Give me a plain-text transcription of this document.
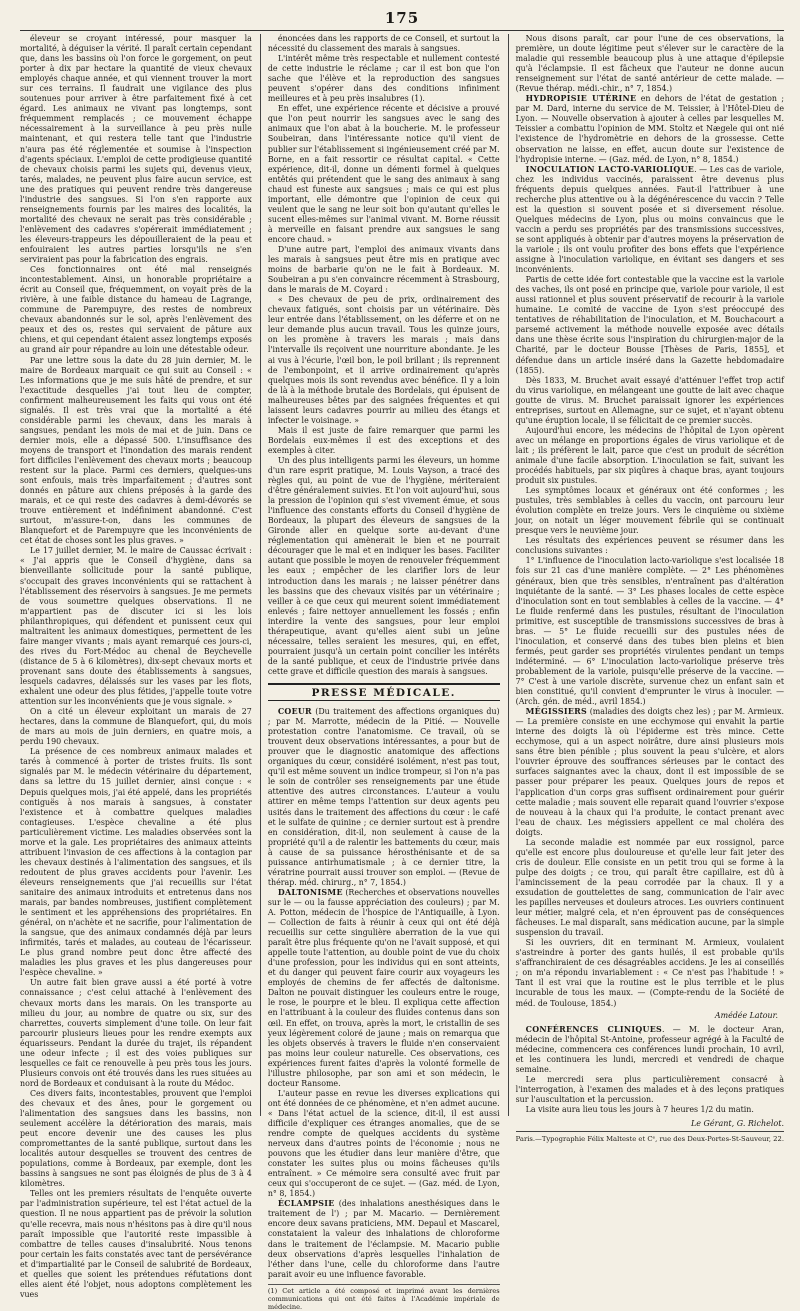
175

éleveur se croyant intéressé, pour masquer la mortalité, à déguiser la vérité. Il paraît certain cependant que, dans les bassins où l'on force le gorgement, on peut porter à dix par hectare la quantité de vieux chevaux employés chaque année, et qui viennent trouver la mort sur ces terrains. Il faudrait une vigilance des plus soutenues pour arriver à être parfaitement fixé à cet égard. Les animaux ne vivant pas longtemps, sont fréquemment remplacés ; ce mouvement échappe nécessairement à la surveillance à peu près nulle maintenant, et qui restera telle tant que l'industrie n'aura pas été réglementée et soumise à l'inspection d'agents spéciaux. L'emploi de cette prodigieuse quantité de chevaux choisis parmi les sujets qui, devenus vieux, tarés, malades, ne peuvent plus faire aucun service, est une des pratiques qui peuvent rendre très dangereuse l'industrie des sangsues. Si l'on s'en rapporte aux renseignements fournis par les maires des localités, la mortalité des chevaux ne serait pas très considérable ; l'enlèvement des cadavres s'opérerait immédiatement ; les éleveurs-trappeurs les dépouilleraient de la peau et enfouiraient les autres parties lorsqu'ils ne s'en serviraient pas pour la fabrication des engrais.

Ces fonctionnaires ont été mal renseignés incontestablement. Ainsi, un honorable propriétaire a écrit au Conseil que, fréquemment, on voyait près de la rivière, à une faible distance du hameau de Lagrange, commune de Parempuyre, des restes de nombreux chevaux abandonnés sur le sol, après l'enlèvement des peaux et des os, restes qui servaient de pâture aux chiens, et qui cependant étaient assez longtemps exposés au grand air pour répandre au loin une détestable odeur.

Par une lettre sous la date du 28 juin dernier, M. le maire de Bordeaux marquait ce qui suit au Conseil : « Les informations que je me suis hâté de prendre, et sur l'exactitude desquelles j'ai tout lieu de compter, confirment malheureusement les faits qui vous ont été signalés. Il est très vrai que la mortalité a été considérable parmi les chevaux, dans les marais à sangsues, pendant les mois de mai et de juin. Dans ce dernier mois, elle a dépassé 500. L'insuffisance des moyens de transport et l'inondation des marais rendent fort difficiles l'enlèvement des chevaux morts ; beaucoup restent sur la place. Parmi ces derniers, quelques-uns sont enfouis, mais très imparfaitement ; d'autres sont donnés en pâture aux chiens préposés à la garde des marais, et ce qui reste des cadavres à demi-dévorés se trouve entièrement et indéfiniment abandonné. C'est surtout, m'assure-t-on, dans les communes de Blanquefort et de Parempuyre que les inconvénients de cet état de choses sont les plus graves. »

Le 17 juillet dernier, M. le maire de Caussac écrivait : « J'ai appris que le Conseil d'hygiène, dans sa bienveillante sollicitude pour la santé publique, s'occupait des graves inconvénients qui se rattachent à l'établissement des réservoirs à sangsues. Je me permets de vous soumettre quelques observations. Il ne m'appartient pas de discuter ici si les lois philanthropiques, qui défendent et punissent ceux qui maltraitent les animaux domestiques, permettent de les faire manger vivants ; mais ayant remarqué ces jours-ci, des rives du Fort-Médoc au chenal de Beychevelle (distance de 5 à 6 kilomètres), dix-sept chevaux morts et provenant sans doute des établissements à sangsues, lesquels cadavres, délaissés sur les vases par les flots, exhalent une odeur des plus fétides, j'appelle toute votre attention sur les inconvénients que je vous signale. »

On a cité un éleveur exploitant un marais de 27 hectares, dans la commune de Blanquefort, qui, du mois de mars au mois de juin derniers, en quatre mois, a perdu 190 chevaux.

La présence de ces nombreux animaux malades et tarés à commencé à porter de tristes fruits. Ils sont signalés par M. le médecin vétérinaire du département, dans sa lettre du 15 juillet dernier, ainsi conçue : « Depuis quelques mois, j'ai été appelé, dans les propriétés contiguës à nos marais à sangsues, à constater l'existence et à combattre quelques maladies contagieuses. L'espèce chevaline a été plus particulièrement victime. Les maladies observées sont la morve et la gale. Les propriétaires des animaux atteints attribuent l'invasion de ces affections à la contagion par les chevaux destinés à l'alimentation des sangsues, et ils redoutent de plus graves accidents pour l'avenir. Les éleveurs renseignements que j'ai recueillis sur l'état sanitaire des animaux introduits et entretenus dans nos marais, par bandes nombreuses, justifient complètement le sentiment et les appréhensions des propriétaires. En général, on n'achète et ne sacrifie, pour l'alimentation de la sangsue, que des animaux condamnés déjà par leurs infirmités, tarés et malades, au couteau de l'écarisseur. Le plus grand nombre peut donc être affecté des maladies les plus graves et les plus dangereuses pour l'espèce chevaline. »

Un autre fait bien grave aussi a été porté à votre connaissance ; c'est celui attaché à l'enlèvement des chevaux morts dans les marais. On les transporte au milieu du jour, au nombre de quatre ou six, sur des charrettes, couverts simplement d'une toile. On leur fait parcourir plusieurs lieues pour les rendre exempts aux équarisseurs. Pendant la durée du trajet, ils répandent une odeur infecte ; il est des voies publiques sur lesquelles ce fait ce renouvelle à peu près tous les jours. Plusieurs convois ont été trouvés dans les rues situées au nord de Bordeaux et conduisant à la route du Médoc.

Ces divers faits, incontestables, prouvent que l'emploi des chevaux et des ânes, pour le gorgement ou l'alimentation des sangsues dans les bassins, non seulement accélère la détérioration des marais, mais peut encore devenir une des causes les plus compromettantes de la santé publique, surtout dans les localités autour desquelles se trouvent des centres de populations, comme à Bordeaux, par exemple, dont les bassins à sangsues ne sont pas éloignés de plus de 3 à 4 kilomètres.

Telles ont les premiers résultats de l'enquête ouverte par l'administration supérieure, tel est l'état actuel de la question. Il ne nous appartient pas de prévoir la solution qu'elle recevra, mais nous n'hésitons pas à dire qu'il nous paraît impossible que l'autorité reste impassible à combattre de telles causes d'insalubrité. Nous tenons pour certain les faits constatés avec tant de persévérance et d'impartialité par le Conseil de salubrité de Bordeaux, et quelles que soient les prétendues réfutations dont elles aient été l'objet, nous adoptons complètement les vues

énoncées dans les rapports de ce Conseil, et surtout la nécessité du classement des marais à sangsues.

L'intérêt même très respectable et nullement contesté de cette industrie le réclame ; car il est bon que l'on sache que l'élève et la reproduction des sangsues peuvent s'opérer dans des conditions infiniment meilleures et à peu près insalubres (1).

En effet, une expérience récente et décisive a prouvé que l'on peut nourrir les sangsues avec le sang des animaux que l'on abat à la boucherie. M. le professeur Soubeiran, dans l'intéressante notice qu'il vient de publier sur l'établissement si ingénieusement créé par M. Borne, en a fait ressortir ce résultat capital. « Cette expérience, dit-il, donne un démenti formel à quelques entêtés qui prétendent que le sang des animaux à sang chaud est funeste aux sangsues ; mais ce qui est plus important, elle démontre que l'opinion de ceux qui veulent que le sang ne leur soit bon qu'autant qu'elles le sucent elles-mêmes sur l'animal vivant. M. Borne réussit à merveille en faisant prendre aux sangsues le sang encore chaud. »

D'une autre part, l'emploi des animaux vivants dans les marais à sangsues peut être mis en pratique avec moins de barbarie qu'on ne le fait à Bordeaux. M. Soubeiran a pu s'en convaincre récemment à Strasbourg, dans le marais de M. Coyard :

« Des chevaux de peu de prix, ordinairement des chevaux fatigués, sont choisis par un vétérinaire. Dès leur entrée dans l'établissement, on les déferre et on ne leur demande plus aucun travail. Tous les quinze jours, on les promène à travers les marais ; mais dans l'intervalle ils reçoivent une nourriture abondante. Je les ai vus à l'écurie, l'œil bon, le poil brillant ; ils reprennent de l'embonpoint, et il arrive ordinairement qu'après quelques mois ils sont revendus avec bénéfice. Il y a loin de là à la méthode brutale des Bordelais, qui épuisent de malheureuses bêtes par des saignées fréquentes et qui laissent leurs cadavres pourrir au milieu des étangs et infecter le voisinage. »

Mais il est juste de faire remarquer que parmi les Bordelais eux-mêmes il est des exceptions et des exemples à citer.

Un des plus intelligents parmi les éleveurs, un homme d'un rare esprit pratique, M. Louis Vayson, a tracé des règles qui, au point de vue de l'hygiène, mériteraient d'être généralement suivies. Et l'on voit aujourd'hui, sous la pression de l'opinion qui s'est vivement émue, et sous l'influence des constants efforts du Conseil d'hygiène de Bordeaux, la plupart des éleveurs de sangsues de la Gironde aller en quelque sorte au-devant d'une réglementation qui amènerait le bien et ne pourrait décourager que le mal et en indiquer les bases. Faciliter autant que possible le moyen de renouveler fréquemment les eaux ; empêcher de les clarifier lors de leur introduction dans les marais ; ne laisser pénétrer dans les bassins que des chevaux visités par un vétérinaire ; veiller à ce que ceux qui meurent soient immédiatement enlevés ; faire nettoyer annuellement les fossés ; enfin interdire la vente des sangsues, pour leur emploi thérapeutique, avant qu'elles aient subi un jeûne nécessaire, telles seraient les mesures, qui, en effet, pourraient jusqu'à un certain point concilier les intérêts de la santé publique, et ceux de l'industrie privée dans cette grave et difficile question des marais à sangsues.

PRESSE MÉDICALE.

COEUR (Du traitement des affections organiques du) ; par M. Marrotte, médecin de la Pitié. — Nouvelle protestation contre l'anatomisme. Ce travail, où se trouvent deux observations intéressantes, a pour but de prouver que le diagnostic anatomique des affections organiques du cœur, considéré isolément, n'est pas tout, qu'il est même souvent un indice trompeur, si l'on n'a pas le soin de contrôler ses renseignements par une étude attentive des autres circonstances. L'auteur a voulu attirer en même temps l'attention sur deux agents peu usités dans le traitement des affections du cœur : le café et le sulfate de quinine ; ce dernier surtout est à prendre en considération, dit-il, non seulement à cause de la propriété qu'il a de ralentir les battements du cœur, mais à cause de sa puissance hérosthénisante et de sa puissance antirhumatismale ; à ce dernier titre, la vératrine pourrait aussi trouver son emploi. — (Revue de thérap. méd. chirurg., n° 7, 1854.)

DALTONISME (Recherches et observations nouvelles sur le — ou la fausse appréciation des couleurs) ; par M. A. Potton, médecin de l'hospice de l'Antiquaille, à Lyon. — Collection de faits à réunir à ceux qui ont été déjà recueillis sur cette singulière aberration de la vue qui paraît être plus fréquente qu'on ne l'avait supposé, et qui appelle toute l'attention, au double point de vue du choix d'une profession, pour les individus qui en sont atteints, et du danger qui peuvent faire courir aux voyageurs les employés de chemins de fer affectés de daltonisme. Dalton ne pouvait distinguer les couleurs entre le rouge, le rose, le pourpre et le bleu. Il expliqua cette affection en l'attribuant à la couleur des fluides contenus dans son œil. En effet, on trouva, après la mort, le cristallin de ses yeux légèrement coloré de jaune ; mais on remarqua que les objets observés à travers le fluide n'en conservaient pas moins leur couleur naturelle. Ces observations, ces expériences furent faites d'après la volonté formelle de l'illustre philosophe, par son ami et son médecin, le docteur Ransome.

L'auteur passe en revue les diverses explications qui ont été données de ce phénomène, et n'en admet aucune. « Dans l'état actuel de la science, dit-il, il est aussi difficile d'expliquer ces étranges anomalies, que de se rendre compte de quelques accidents du système nerveux dans d'autres points de l'économie ; nous ne pouvons que les étudier dans leur manière d'être, que constater les suites plus ou moins fâcheuses qu'ils entraînent. » Ce mémoire sera consulté avec fruit par ceux qui s'occuperont de ce sujet. — (Gaz. méd. de Lyon, n° 8, 1854.)

ÉCLAMPSIE (des inhalations anesthésiques dans le traitement de l') ; par M. Macario. — Dernièrement encore deux savans praticiens, MM. Depaul et Mascarel, constataient la valeur des inhalations de chloroforme dans le traitement de l'éclampsie. M. Macario publie deux observations d'après lesquelles l'inhalation de l'éther dans l'une, celle du chloroforme dans l'autre parait avoir eu une influence favorable.

(1) Cet article a été composé et imprimé avant les dernières communications qui ont été faites à l'Académie impériale de médecine.

Nous disons paraît, car pour l'une de ces observations, la première, un doute légitime peut s'élever sur le caractère de la maladie qui ressemble beaucoup plus à une attaque d'épilepsie qu'à l'éclampsie. Il est fâcheux que l'auteur ne donne aucun renseignement sur l'état de santé antérieur de cette malade. — (Revue thérap. médi.-chir., n° 7, 1854.)

HYDROPISIE UTÉRINE en dehors de l'état de gestation ; par M. Dard, interne du service de M. Teissier, à l'Hôtel-Dieu de Lyon. — Nouvelle observation à ajouter à celles par lesquelles M. Teissier a combattu l'opinion de MM. Stoltz et Nægele qui ont nié l'existence de l'hydromètrie en dehors de la grossesse. Cette observation ne laisse, en effet, aucun doute sur l'existence de l'hydropisie interne. — (Gaz. méd. de Lyon, n° 8, 1854.)

INOCULATION LACTO-VARIOLIQUE. — Les cas de variole, chez les individus vaccinés, paraissent être devenus plus fréquents depuis quelques années. Faut-il l'attribuer à une recherche plus attentive ou à la dégénérescence du vaccin ? Telle est la question si souvent posée et si diversement résolue. Quelques médecins de Lyon, plus ou moins convaincus que le vaccin a perdu ses propriétés par des transmissions successives, se sont appliqués à obtenir par d'autres moyens la préservation de la variole ; ils ont voulu profiter des bons effets que l'expérience assigne à l'inoculation variolique, en évitant ses dangers et ses inconvénients.

Partis de cette idée fort contestable que la vaccine est la variole des vaches, ils ont posé en principe que, variole pour variole, il est aussi rationnel et plus souvent préservatif de recourir à la variole humaine. Le comité de vaccine de Lyon s'est préoccupé des tentatives de réhabilitation de l'inoculation, et M. Bouchacourt a parsemé activement la méthode nouvelle exposée avec détails dans une thèse écrite sous l'inspiration du chirurgien-major de la Charité, par le docteur Bousse [Thèses de Paris, 1855], et défendue dans un article inséré dans la Gazette hebdomadaire (1855).

Dès 1833, M. Bruchet avait essayé d'atténuer l'effet trop actif du virus variolique, en mélangeant une goutte de lait avec chaque goutte de virus. M. Bruchet paraissait ignorer les expériences entreprises, surtout en Allemagne, sur ce sujet, et n'ayant obtenu qu'une éruption locale, il se félicitait de ce premier succès.

Aujourd'hui encore, les médecins de l'hôpital de Lyon opèrent avec un mélange en proportions égales de virus variolique et de lait ; ils préfèrent le lait, parce que c'est un produit de sécrétion animale d'une facile absorption. L'inoculation se fait, suivant les procédés habituels, par six piqûres à chaque bras, ayant toujours produit six pustules.

Les symptômes locaux et généraux ont été conformes ; les pustules, très semblables à celles du vaccin, ont parcouru leur évolution complète en treize jours. Vers le cinquième ou sixième jour, on notait un léger mouvement fébrile qui se continuait presque vers le neuvième jour.

Les résultats des expériences peuvent se résumer dans les conclusions suivantes :

1° L'influence de l'inoculation lacto-variolique s'est localisée 18 fois sur 21 cas d'une manière complète. — 2° Les phénomènes généraux, bien que très sensibles, n'entraînent pas d'altération inquiétante de la santé. — 3° Les phases locales de cette espèce d'inoculation sont en tout semblables à celles de la vaccine. — 4° Le fluide renfermé dans les pustules, résultant de l'inoculation primitive, est susceptible de transmissions successives de bras à bras. — 5° Le fluide recueilli sur des pustules nées de l'inoculation, et conservé dans des tubes bien pleins et bien fermés, peut garder ses propriétés virulentes pendant un temps indéterminé. — 6° L'inoculation lacto-variolique préserve très probablement de la variole, puisqu'elle préserve de la vaccine. — 7° C'est à une variole discrète, survenue chez un enfant sain et bien constitué, qu'il convient d'emprunter le virus à inoculer. — (Arch. gén. de méd., avril 1854.)

MÉGISSIERS (maladies des doigts chez les) ; par M. Armieux. — La première consiste en une ecchymose qui envahit la partie interne des doigts là où l'épiderme est très mince. Cette ecchymose, qui a un aspect noirâtre, dure ainsi plusieurs mois sans être bien pénible ; plus souvent la peau s'ulcère, et alors l'ouvrier éprouve des souffrances sérieuses par le contact des surfaces saignantes avec la chaux, dont il est impossible de se passer pour préparer les peaux. Quelques jours de repos et l'application d'un corps gras suffisent ordinairement pour guérir cette maladie ; mais souvent elle reparait quand l'ouvrier s'expose de nouveau à la chaux qui l'a produite, le contact prenant avec l'eau de chaux. Les mégissiers appellent ce mal choléra des doigts.

La seconde maladie est nommée par eux rossignol, parce qu'elle est encore plus douloureuse et qu'elle leur fait jeter des cris de douleur. Elle consiste en un petit trou qui se forme à la pulpe des doigts ; ce trou, qui paraît être capillaire, est dû à l'amincissement de la peau corrodée par la chaux. Il y a exsudation de gouttelettes de sang, communication de l'air avec les papilles nerveuses et douleurs atroces. Les ouvriers continuent leur métier, malgré cela, et n'en éprouvent pas de conséquences fâcheuses. Le mal disparaît, sans médication aucune, par la simple suspension du travail.

Si les ouvriers, dit en terminant M. Armieux, voulaient s'astreindre à porter des gants huilés, il est probable qu'ils s'affranchiraient de ces désagréables accidens. Je les ai conseillés ; on m'a répondu invariablement : « Ce n'est pas l'habitude ! » Tant il est vrai que la routine est le plus terrible et le plus incurable de tous les maux. — (Compte-rendu de la Société de méd. de Toulouse, 1854.)

Amédée Latour.

CONFÉRENCES CLINIQUES. — M. le docteur Aran, médecin de l'hôpital St-Antoine, professeur agrégé à la Faculté de médecine, commencera ces conférences lundi prochain, 10 avril, et les continuera les lundi, mercredi et vendredi de chaque semaine.

Le mercredi sera plus particulièrement consacré à l'interrogation, à l'examen des malades et à des leçons pratiques sur l'auscultation et la percussion.

La visite aura lieu tous les jours à 7 heures 1/2 du matin.

Le Gérant, G. Richelot.
Paris.—Typographie Félix Malteste et Cᵉ, rue des Deux-Portes-St-Sauveur, 22.
